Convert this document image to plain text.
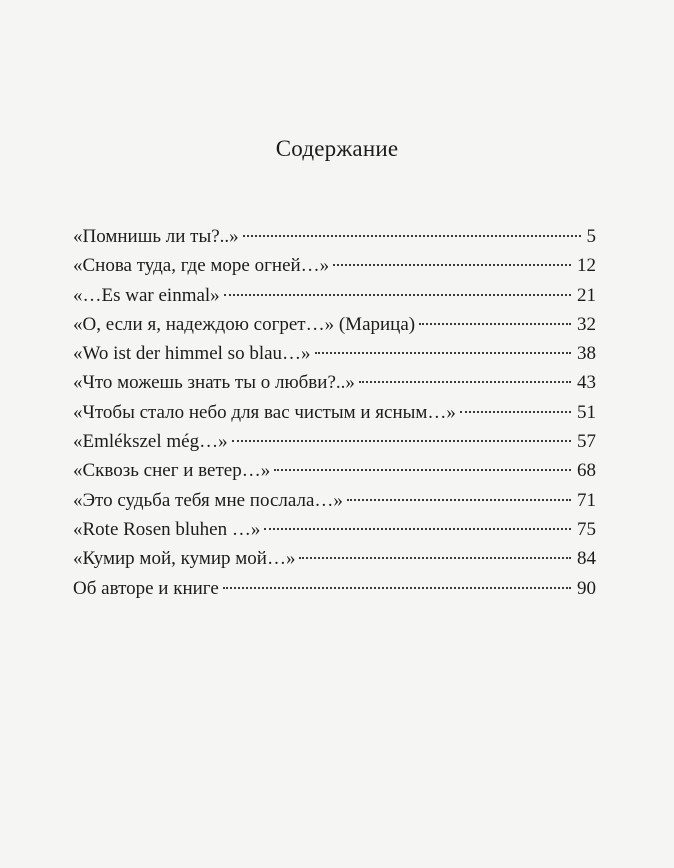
Содержание
«Помнишь ли ты?..»	5
«Снова туда, где море огней…»	12
«…Es war einmal»	21
«О, если я, надеждою согрет…» (Марица)	32
«Wo ist der himmel so blau…»	38
«Что можешь знать ты о любви?..»	43
«Чтобы стало небо для вас чистым и ясным…»	51
«Emlékszel még…»	57
«Сквозь снег и ветер…»	68
«Это судьба тебя мне послала…»	71
«Rote Rosen bluhen …»	75
«Кумир мой, кумир мой…»	84
Об авторе и книге	90
